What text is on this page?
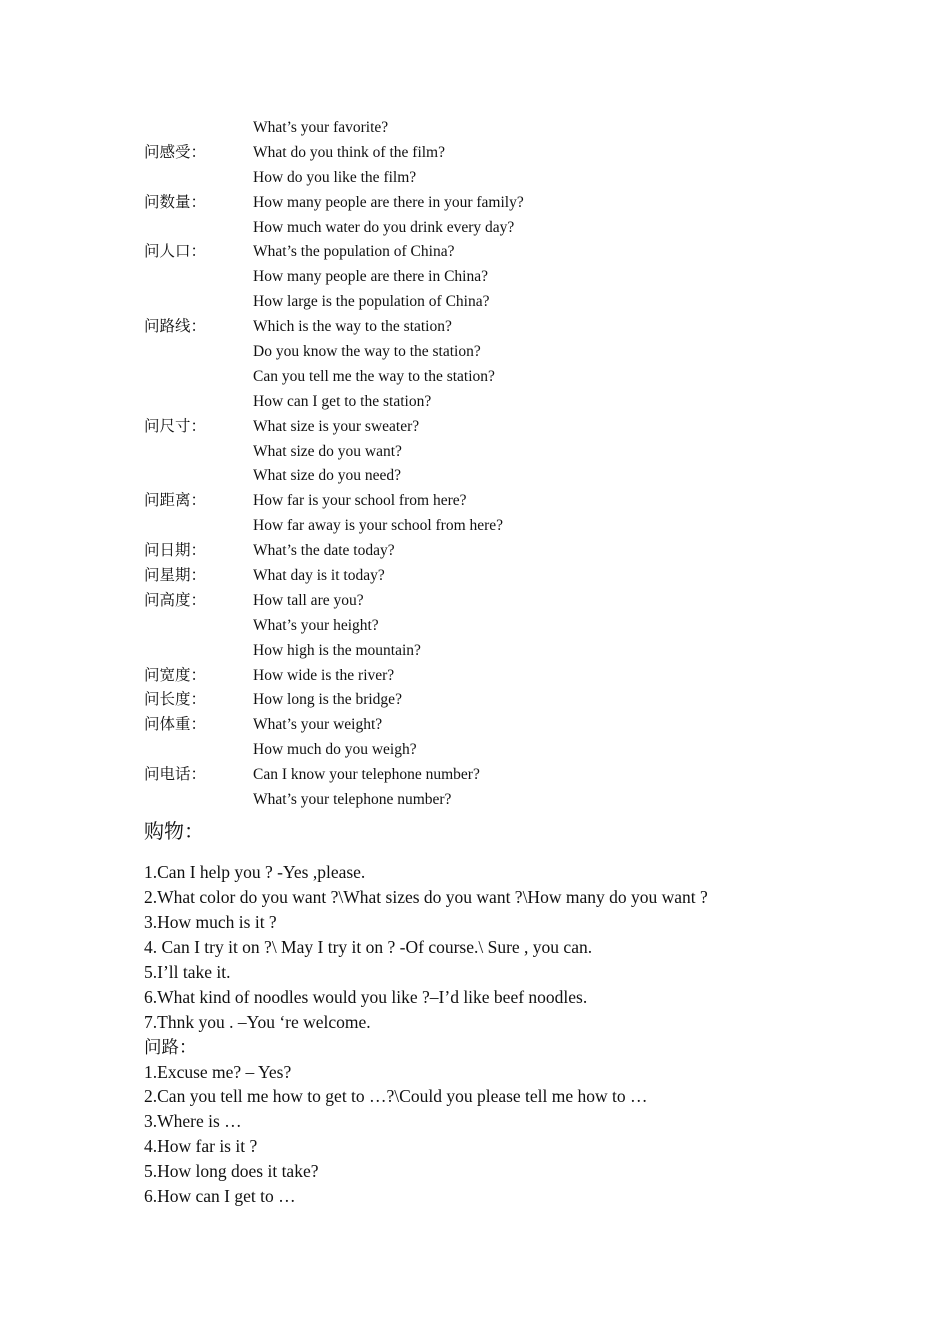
What’s your favorite?
问感受：	What do you think of the film?
How do you like the film?
问数量：	How many people are there in your family?
How much water do you drink every day?
问人口：	What’s the population of China?
How many people are there in China?
How large is the population of China?
问路线：	Which is the way to the station?
Do you know the way to the station?
Can you tell me the way to the station?
How can I get to the station?
问尺寸：	What size is your sweater?
What size do you want?
What size do you need?
问距离：	How far is your school from here?
How far away is your school from here?
问日期：	What’s the date today?
问星期：	What day is it today?
问高度：	How tall are you?
What’s your height?
How high is the mountain?
问宽度：	How wide is the river?
问长度：	How long is the bridge?
问体重：	What’s your weight?
How much do you weigh?
问电话：	Can I know your telephone number?
What’s your telephone number?
购物：
1.Can I help you ? -Yes ,please.
2.What color do you want ?\What sizes do you want ?\How many do you want ?
3.How much is it ?
4. Can I try it on ?\ May I try it on ? -Of course.\ Sure , you can.
5.I’ll take it.
6.What kind of noodles would you like ?–I’d like beef noodles.
7.Thnk you . –You ‘re welcome.
问路：
1.Excuse me? – Yes?
2.Can you tell me how to get to …?\Could you please tell me how to …
3.Where is …
4.How far is it ?
5.How long does it take?
6.How can I get to …
